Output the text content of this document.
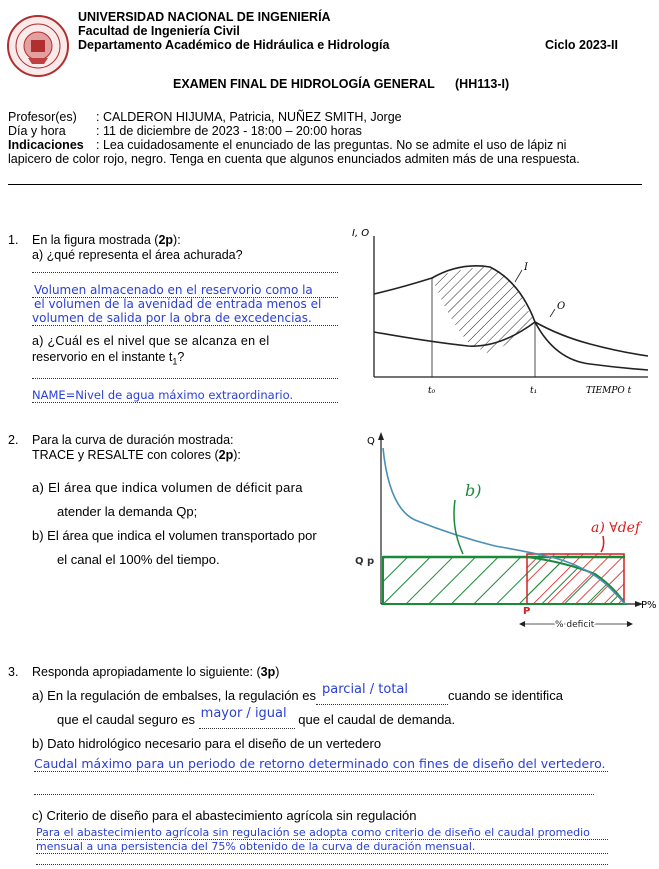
UNIVERSIDAD NACIONAL DE INGENIERÍA
Facultad de Ingeniería Civil
Departamento Académico de Hidráulica e Hidrología	Ciclo 2023-II
EXAMEN FINAL DE HIDROLOGÍA GENERAL (HH113-I)
Profesor(es) : CALDERON HIJUMA, Patricia, NUÑEZ SMITH, Jorge
Día y hora : 11 de diciembre de 2023 - 18:00 – 20:00 horas
Indicaciones : Lea cuidadosamente el enunciado de las preguntas. No se admite el uso de lápiz ni
lapicero de color rojo, negro. Tenga en cuenta que algunos enunciados admiten más de una respuesta.
1. En la figura mostrada (2p):
a) ¿qué representa el área achurada?
Volumen almacenado en el reservorio como la
el volumen de la avenidad de entrada menos el
volumen de salida por la obra de excedencias.
a) ¿Cuál es el nivel que se alcanza en el
reservorio en el instante $t_1$?
NAME=Nivel de agua máximo extraordinario.
I, O
I
O
t₀	t₁	TIEMPO t
2. Para la curva de duración mostrada:
TRACE y RESALTE con colores (2p):
a) El área que indica volumen de déficit para
atender la demanda Qp;
b) El área que indica el volumen transportado por
el canal el 100% del tiempo.
Q
P%
Q p
P
% deficit
b)
a) ∀def
3. Responda apropiadamente lo siguiente: (3p)
a) En la regulación de embalses, la regulación es parcial / total	cuando se identifica
que el caudal seguro es mayor / igual que el caudal de demanda.
b) Dato hidrológico necesario para el diseño de un vertedero
Caudal máximo para un periodo de retorno determinado con fines de diseño del vertedero.
c) Criterio de diseño para el abastecimiento agrícola sin regulación
Para el abastecimiento agrícola sin regulación se adopta como criterio de diseño el caudal promedio
mensual a una persistencia del 75% obtenido de la curva de duración mensual.
